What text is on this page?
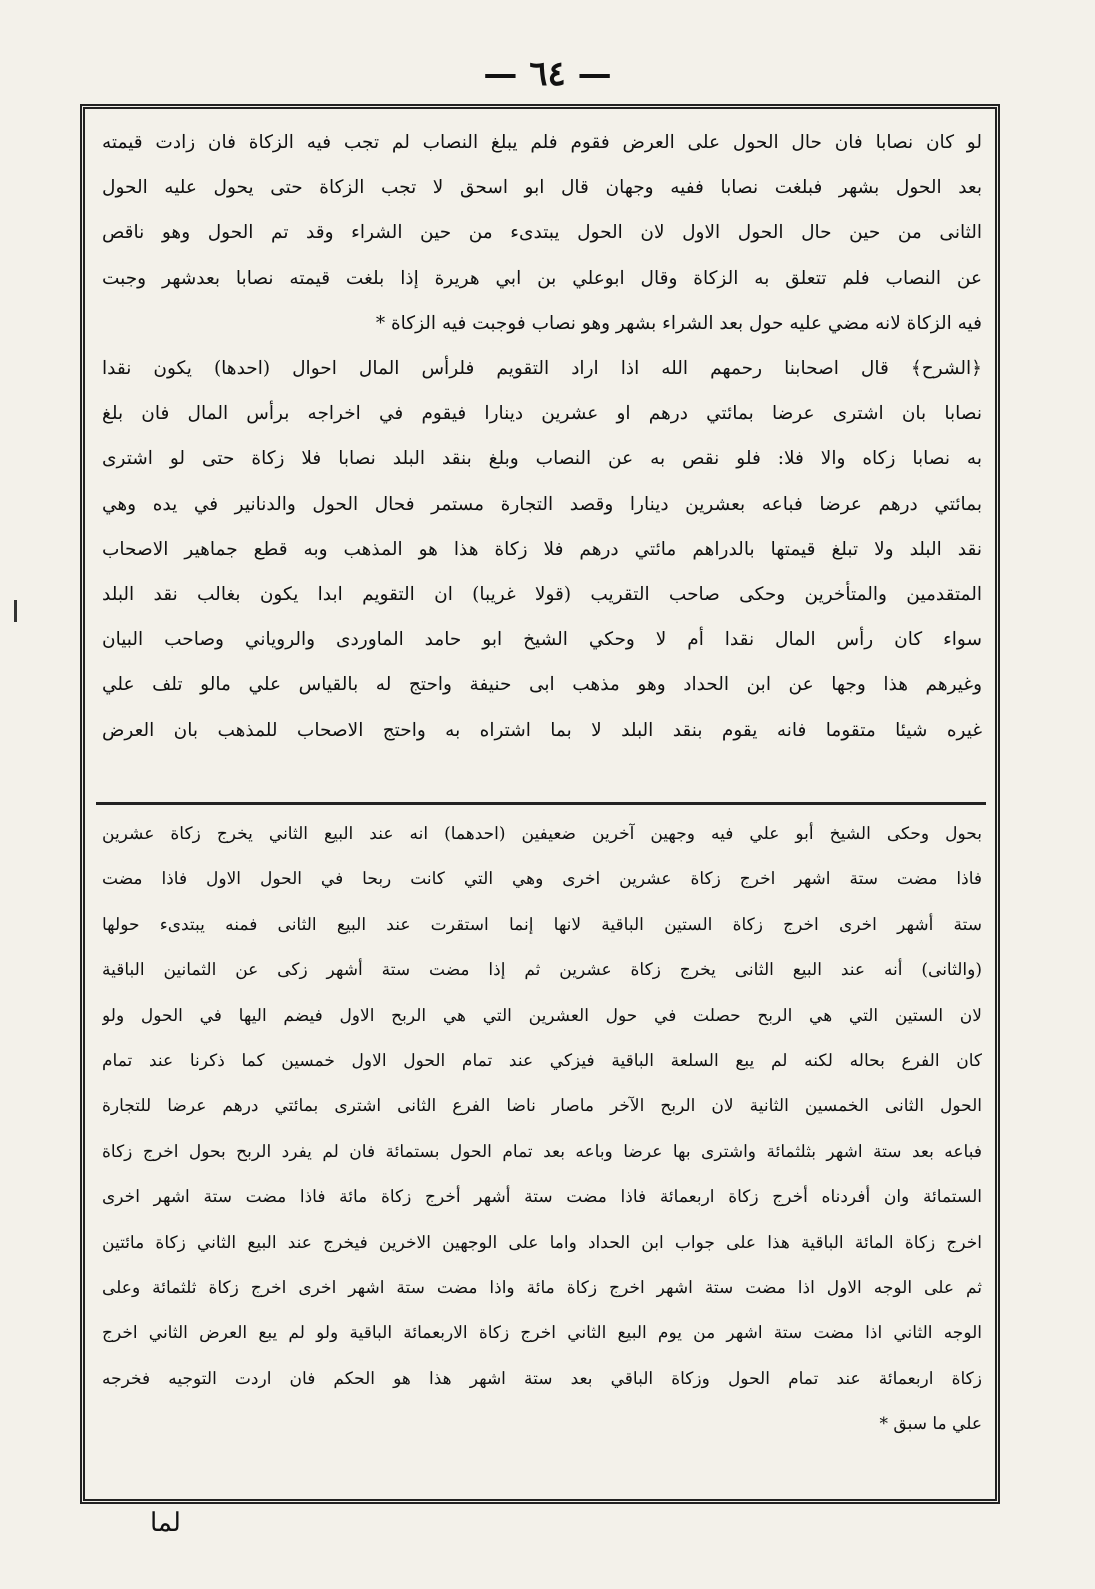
— ٦٤ —
لو كان نصابا فان حال الحول على العرض فقوم فلم يبلغ النصاب لم تجب فيه الزكاة فان زادت قيمته
بعد الحول بشهر فبلغت نصابا ففيه وجهان قال ابو اسحق لا تجب الزكاة حتى يحول عليه الحول
الثانى من حين حال الحول الاول لان الحول يبتدىء من حين الشراء وقد تم الحول وهو ناقص
عن النصاب فلم تتعلق به الزكاة وقال ابوعلي بن ابي هريرة إذا بلغت قيمته نصابا بعدشهر وجبت
فيه الزكاة لانه مضي عليه حول بعد الشراء بشهر وهو نصاب فوجبت فيه الزكاة *
﴿الشرح﴾ قال اصحابنا رحمهم الله اذا اراد التقويم فلرأس المال احوال (احدها) يكون نقدا
نصابا بان اشترى عرضا بمائتي درهم او عشرين دينارا فيقوم في اخراجه برأس المال فان بلغ
به نصابا زكاه والا فلا: فلو نقص به عن النصاب وبلغ بنقد البلد نصابا فلا زكاة حتى لو اشترى
بمائتي درهم عرضا فباعه بعشرين دينارا وقصد التجارة مستمر فحال الحول والدنانير في يده وهي
نقد البلد ولا تبلغ قيمتها بالدراهم مائتي درهم فلا زكاة هذا هو المذهب وبه قطع جماهير الاصحاب
المتقدمين والمتأخرين وحكى صاحب التقريب (قولا غريبا) ان التقويم ابدا يكون بغالب نقد البلد
سواء كان رأس المال نقدا أم لا وحكي الشيخ ابو حامد الماوردى والروياني وصاحب البيان
وغيرهم هذا وجها عن ابن الحداد وهو مذهب ابى حنيفة واحتج له بالقياس علي مالو تلف علي
غيره شيئا متقوما فانه يقوم بنقد البلد لا بما اشتراه به واحتج الاصحاب للمذهب بان العرض
بحول وحكى الشيخ أبو علي فيه وجهين آخرين ضعيفين (احدهما) انه عند البيع الثاني يخرج زكاة عشرين
فاذا مضت ستة اشهر اخرج زكاة عشرين اخرى وهي التي كانت ربحا في الحول الاول فاذا مضت
ستة أشهر اخرى اخرج زكاة الستين الباقية لانها إنما استقرت عند البيع الثانى فمنه يبتدىء حولها
(والثانى) أنه عند البيع الثانى يخرج زكاة عشرين ثم إذا مضت ستة أشهر زكى عن الثمانين الباقية
لان الستين التي هي الربح حصلت في حول العشرين التي هي الربح الاول فيضم اليها في الحول ولو
كان الفرع بحاله لكنه لم يبع السلعة الباقية فيزكي عند تمام الحول الاول خمسين كما ذكرنا عند تمام
الحول الثانى الخمسين الثانية لان الربح الآخر ماصار ناضا الفرع الثانى اشترى بمائتي درهم عرضا للتجارة
فباعه بعد ستة اشهر بثلثمائة واشترى بها عرضا وباعه بعد تمام الحول بستمائة فان لم يفرد الربح بحول اخرج زكاة
الستمائة وان أفردناه أخرج زكاة اربعمائة فاذا مضت ستة أشهر أخرج زكاة مائة فاذا مضت ستة اشهر اخرى
اخرج زكاة المائة الباقية هذا على جواب ابن الحداد واما على الوجهين الاخرين فيخرج عند البيع الثاني زكاة مائتين
ثم على الوجه الاول اذا مضت ستة اشهر اخرج زكاة مائة واذا مضت ستة اشهر اخرى اخرج زكاة ثلثمائة وعلى
الوجه الثاني اذا مضت ستة اشهر من يوم البيع الثاني اخرج زكاة الاربعمائة الباقية ولو لم يبع العرض الثاني اخرج
زكاة اربعمائة عند تمام الحول وزكاة الباقي بعد ستة اشهر هذا هو الحكم فان اردت التوجيه فخرجه
علي ما سبق *
لما
